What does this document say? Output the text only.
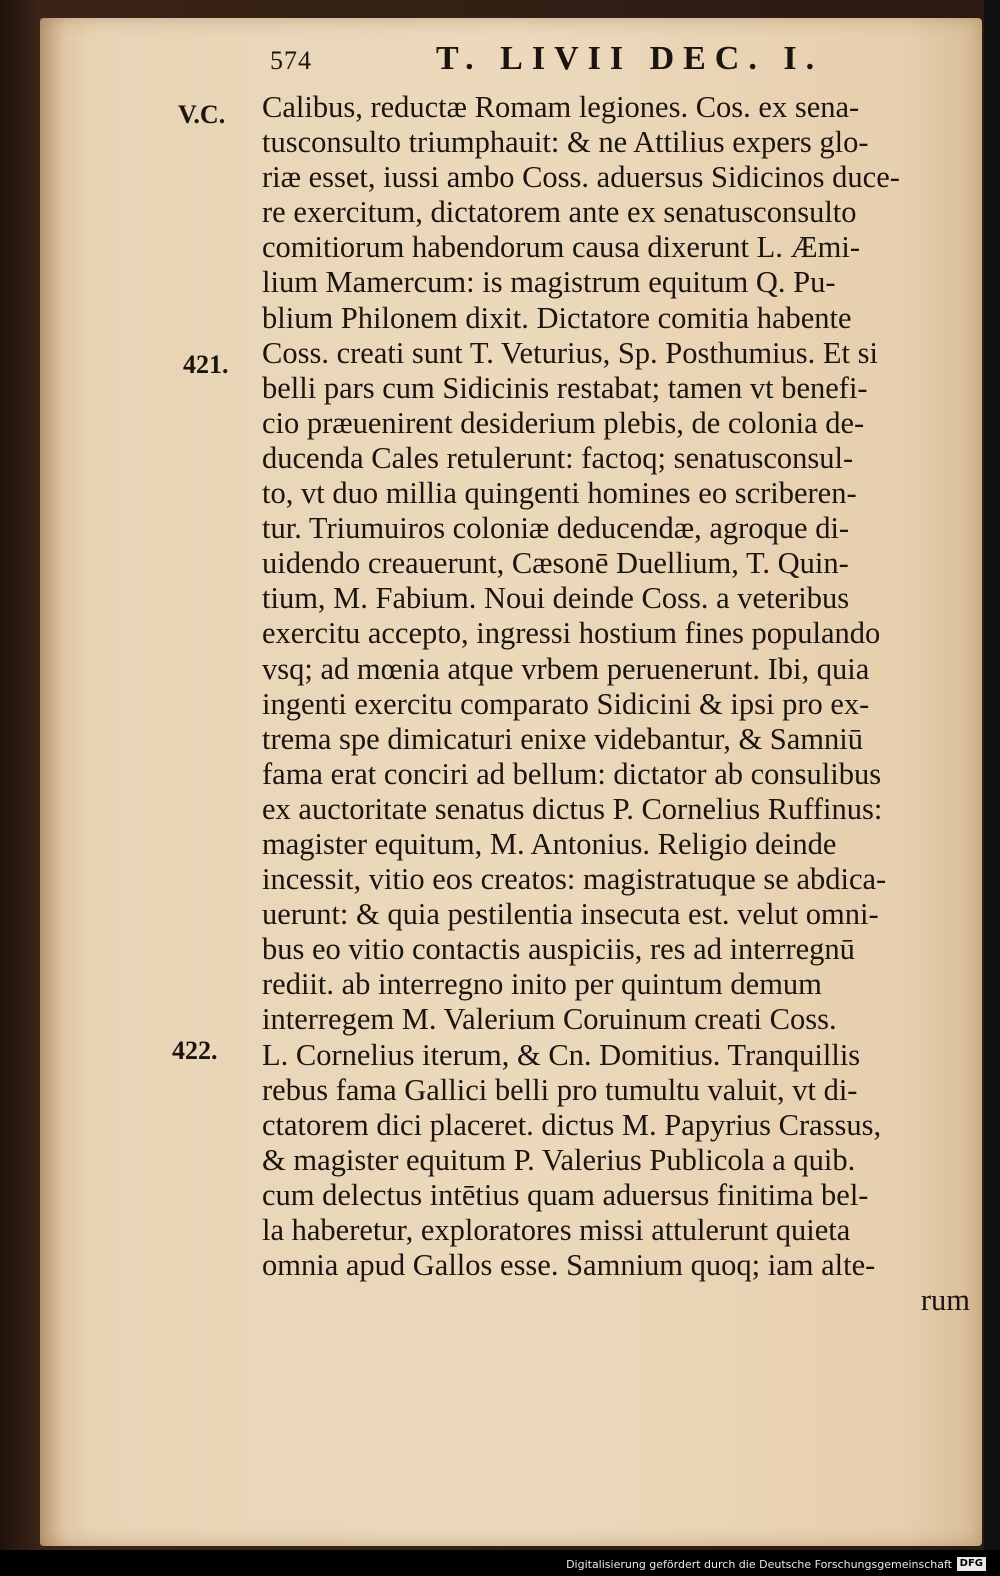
574	T. LIVII DEC. I.
V.C.
421.
422.
Calibus, reductæ Romam legiones. Cos. ex sena-
tusconsulto triumphauit: & ne Attilius expers glo-
riæ esset, iussi ambo Coss. aduersus Sidicinos duce-
re exercitum, dictatorem ante ex senatusconsulto
comitiorum habendorum causa dixerunt L. Æmi-
lium Mamercum: is magistrum equitum Q. Pu-
blium Philonem dixit. Dictatore comitia habente
Coss. creati sunt T. Veturius, Sp. Posthumius. Et si
belli pars cum Sidicinis restabat; tamen vt benefi-
cio præuenirent desiderium plebis, de colonia de-
ducenda Cales retulerunt: factoq; senatusconsul-
to, vt duo millia quingenti homines eo scriberen-
tur. Triumuiros coloniæ deducendæ, agroque di-
uidendo creauerunt, Cæsonē Duellium, T. Quin-
tium, M. Fabium. Noui deinde Coss. a veteribus
exercitu accepto, ingressi hostium fines populando
vsq; ad mœnia atque vrbem peruenerunt. Ibi, quia
ingenti exercitu comparato Sidicini & ipsi pro ex-
trema spe dimicaturi enixe videbantur, & Samniū
fama erat conciri ad bellum: dictator ab consulibus
ex auctoritate senatus dictus P. Cornelius Ruffinus:
magister equitum, M. Antonius. Religio deinde
incessit, vitio eos creatos: magistratuque se abdica-
uerunt: & quia pestilentia insecuta est. velut omni-
bus eo vitio contactis auspiciis, res ad interregnū
rediit. ab interregno inito per quintum demum
interregem M. Valerium Coruinum creati Coss.
L. Cornelius iterum, & Cn. Domitius. Tranquillis
rebus fama Gallici belli pro tumultu valuit, vt di-
ctatorem dici placeret. dictus M. Papyrius Crassus,
& magister equitum P. Valerius Publicola a quib.
cum delectus intētius quam aduersus finitima bel-
la haberetur, exploratores missi attulerunt quieta
omnia apud Gallos esse. Samnium quoq; iam alte-
rum
Digitalisierung gefördert durch die Deutsche Forschungsgemeinschaft DFG
